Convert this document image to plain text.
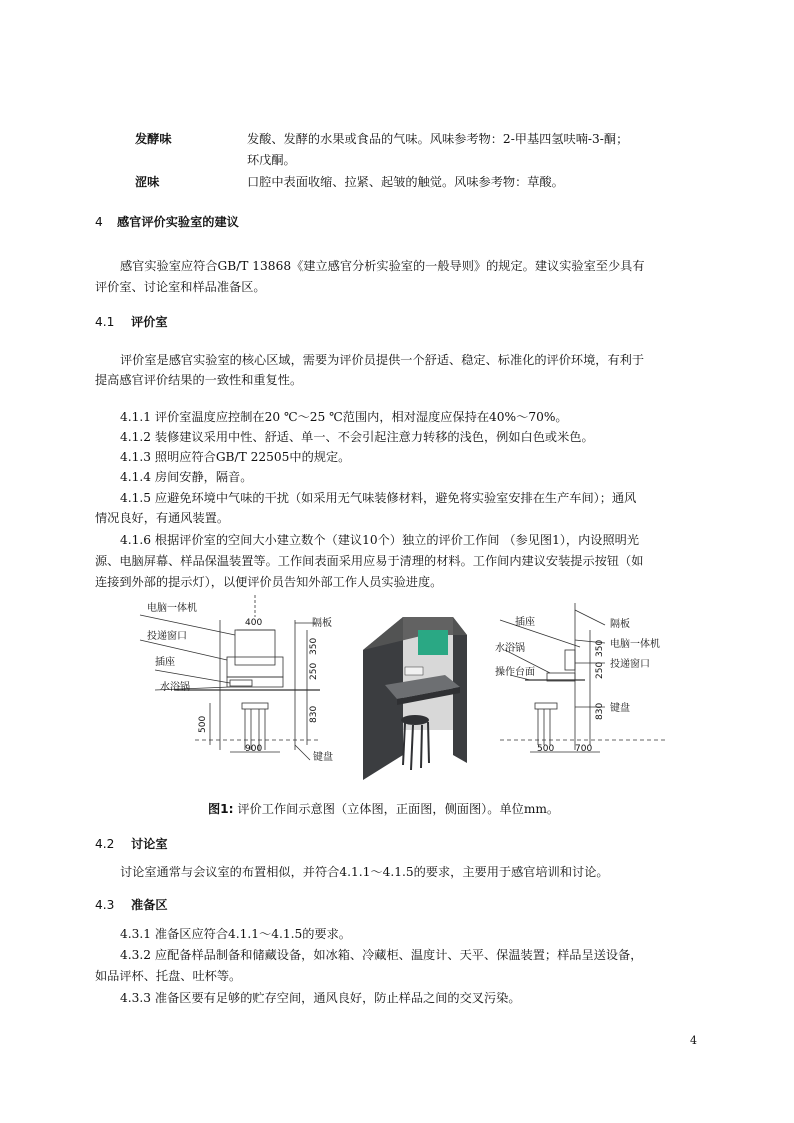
发酵味	发酸、发酵的水果或食品的气味。风味参考物：2-甲基四氢呋喃-3-酮；
环戊酮。
涩味	口腔中表面收缩、拉紧、起皱的触觉。风味参考物：草酸。
4 感官评价实验室的建议
感官实验室应符合GB/T 13868《建立感官分析实验室的一般导则》的规定。建议实验室至少具有
评价室、讨论室和样品准备区。
4.1 评价室
评价室是感官实验室的核心区域，需要为评价员提供一个舒适、稳定、标准化的评价环境，有利于
提高感官评价结果的一致性和重复性。
4.1.1 评价室温度应控制在20 ℃～25 ℃范围内，相对湿度应保持在40%～70%。
4.1.2 装修建议采用中性、舒适、单一、不会引起注意力转移的浅色，例如白色或米色。
4.1.3 照明应符合GB/T 22505中的规定。
4.1.4 房间安静，隔音。
4.1.5 应避免环境中气味的干扰（如采用无气味装修材料，避免将实验室安排在生产车间）；通风
情况良好，有通风装置。
4.1.6 根据评价室的空间大小建立数个（建议10个）独立的评价工作间 （参见图1），内设照明光
源、电脑屏幕、样品保温装置等。工作间表面采用应易于清理的材料。工作间内建议安装提示按钮（如
连接到外部的提示灯），以便评价员告知外部工作人员实验进度。
电脑一体机
投递窗口
插座
水浴锅
隔板
键盘
400
350
250
830
500
900
插座	隔板
电脑一体机
投递窗口
水浴锅
操作台面
键盘
350
250
830
500 700
图1: 评价工作间示意图（立体图，正面图，侧面图）。单位mm。
4.2 讨论室
讨论室通常与会议室的布置相似，并符合4.1.1～4.1.5的要求，主要用于感官培训和讨论。
4.3 准备区
4.3.1 准备区应符合4.1.1～4.1.5的要求。
4.3.2 应配备样品制备和储藏设备，如冰箱、冷藏柜、温度计、天平、保温装置；样品呈送设备，
如品评杯、托盘、吐杯等。
4.3.3 准备区要有足够的贮存空间，通风良好，防止样品之间的交叉污染。
4
